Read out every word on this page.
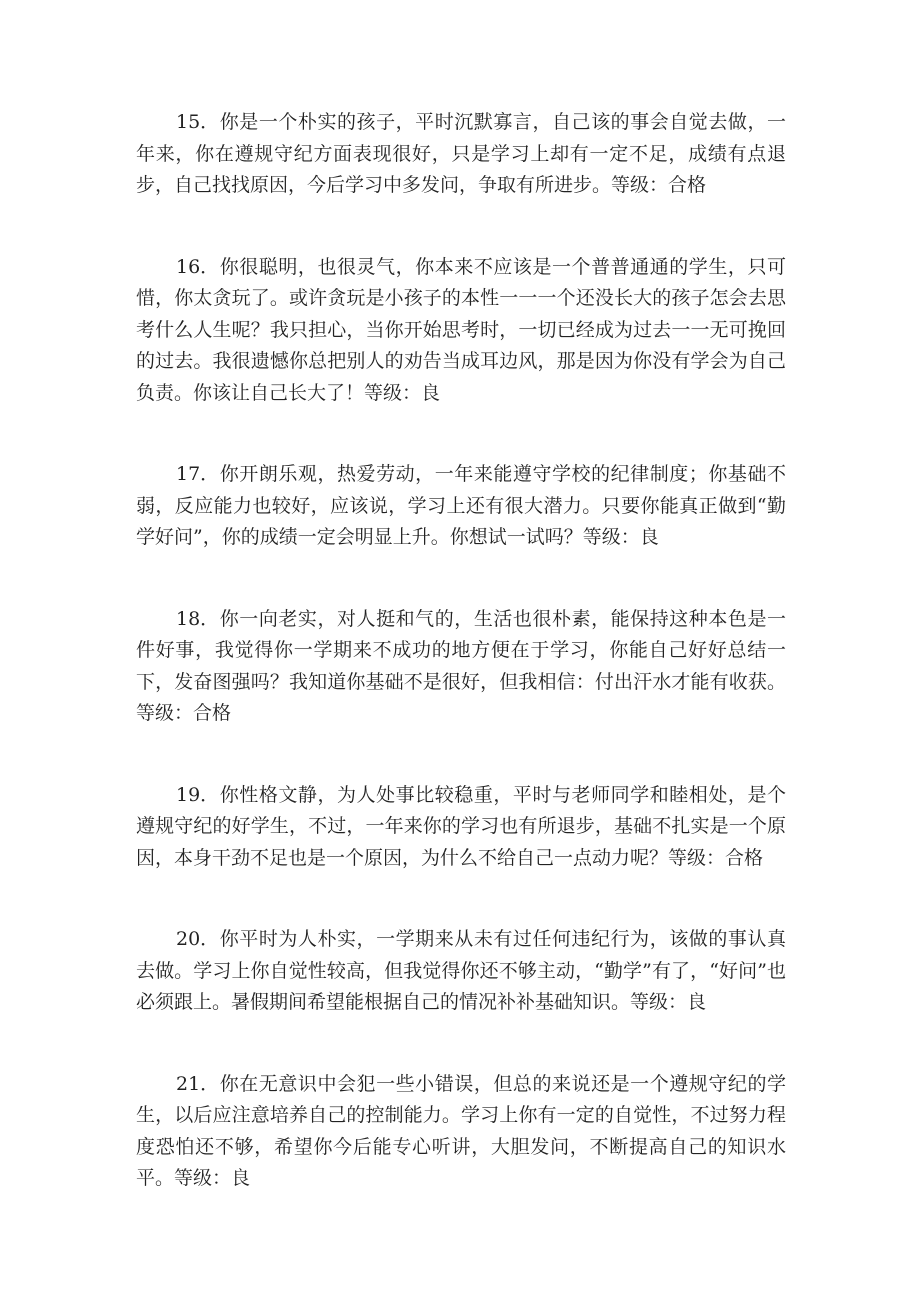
15．你是一个朴实的孩子，平时沉默寡言，自己该的事会自觉去做，一年来，你在遵规守纪方面表现很好，只是学习上却有一定不足，成绩有点退步，自己找找原因，今后学习中多发问，争取有所进步。等级：合格

16．你很聪明，也很灵气，你本来不应该是一个普普通通的学生，只可惜，你太贪玩了。或许贪玩是小孩子的本性一一一个还没长大的孩子怎会去思考什么人生呢？我只担心，当你开始思考时，一切已经成为过去一一无可挽回的过去。我很遗憾你总把别人的劝告当成耳边风，那是因为你没有学会为自己负责。你该让自己长大了！等级：良

17．你开朗乐观，热爱劳动，一年来能遵守学校的纪律制度；你基础不弱，反应能力也较好，应该说，学习上还有很大潜力。只要你能真正做到“勤学好问”，你的成绩一定会明显上升。你想试一试吗？等级：良

18．你一向老实，对人挺和气的，生活也很朴素，能保持这种本色是一件好事，我觉得你一学期来不成功的地方便在于学习，你能自己好好总结一下，发奋图强吗？我知道你基础不是很好，但我相信：付出汗水才能有收获。等级：合格

19．你性格文静，为人处事比较稳重，平时与老师同学和睦相处，是个遵规守纪的好学生，不过，一年来你的学习也有所退步，基础不扎实是一个原因，本身干劲不足也是一个原因，为什么不给自己一点动力呢？等级：合格

20．你平时为人朴实，一学期来从未有过任何违纪行为，该做的事认真去做。学习上你自觉性较高，但我觉得你还不够主动，“勤学”有了，“好问”也必须跟上。暑假期间希望能根据自己的情况补补基础知识。等级：良

21．你在无意识中会犯一些小错误，但总的来说还是一个遵规守纪的学生，以后应注意培养自己的控制能力。学习上你有一定的自觉性，不过努力程度恐怕还不够，希望你今后能专心听讲，大胆发问，不断提高自己的知识水平。等级：良
